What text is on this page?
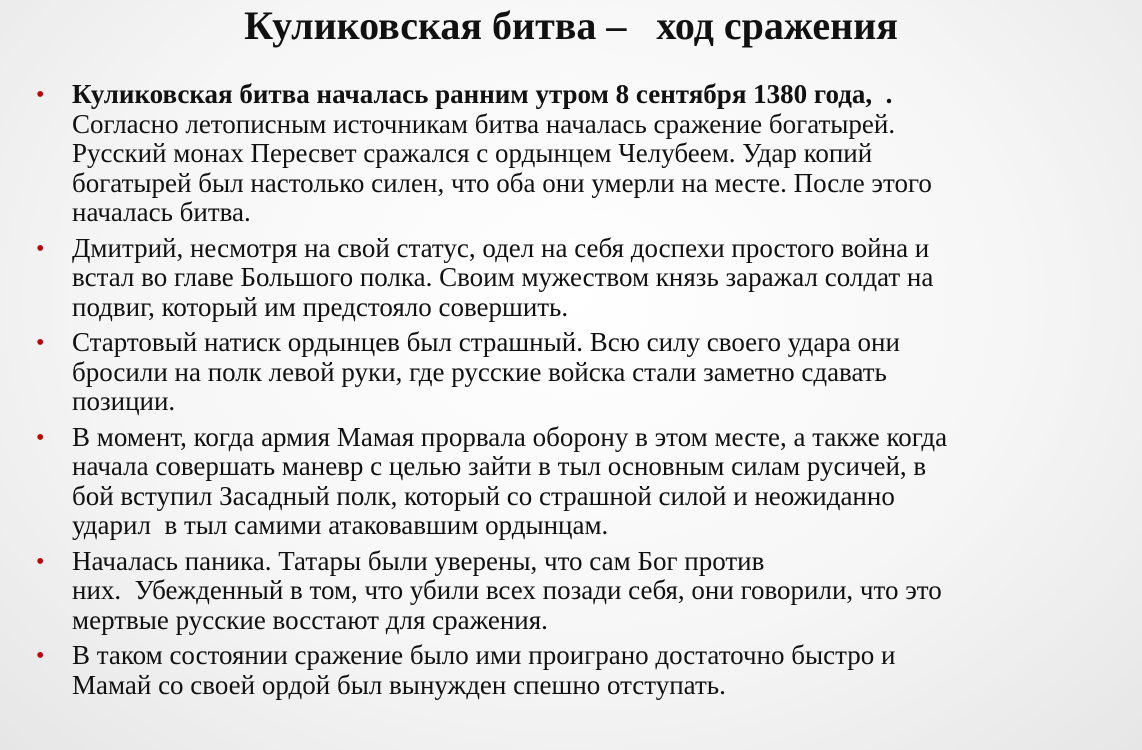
Куликовская битва –   ход сражения
• Куликовская битва началась ранним утром 8 сентября 1380 года,  .
Согласно летописным источникам битва началась сражение богатырей.
Русский монах Пересвет сражался с ордынцем Челубеем. Удар копий
богатырей был настолько силен, что оба они умерли на месте. После этого
началась битва.
• Дмитрий, несмотря на свой статус, одел на себя доспехи простого война и
встал во главе Большого полка. Своим мужеством князь заражал солдат на
подвиг, который им предстояло совершить.
• Стартовый натиск ордынцев был страшный. Всю силу своего удара они
бросили на полк левой руки, где русские войска стали заметно сдавать
позиции.
• В момент, когда армия Мамая прорвала оборону в этом месте, а также когда
начала совершать маневр с целью зайти в тыл основным силам русичей, в
бой вступил Засадный полк, который со страшной силой и неожиданно
ударил  в тыл самими атаковавшим ордынцам.
• Началась паника. Татары были уверены, что сам Бог против
них.  Убежденный в том, что убили всех позади себя, они говорили, что это
мертвые русские восстают для сражения.
• В таком состоянии сражение было ими проиграно достаточно быстро и
Мамай со своей ордой был вынужден спешно отступать.
